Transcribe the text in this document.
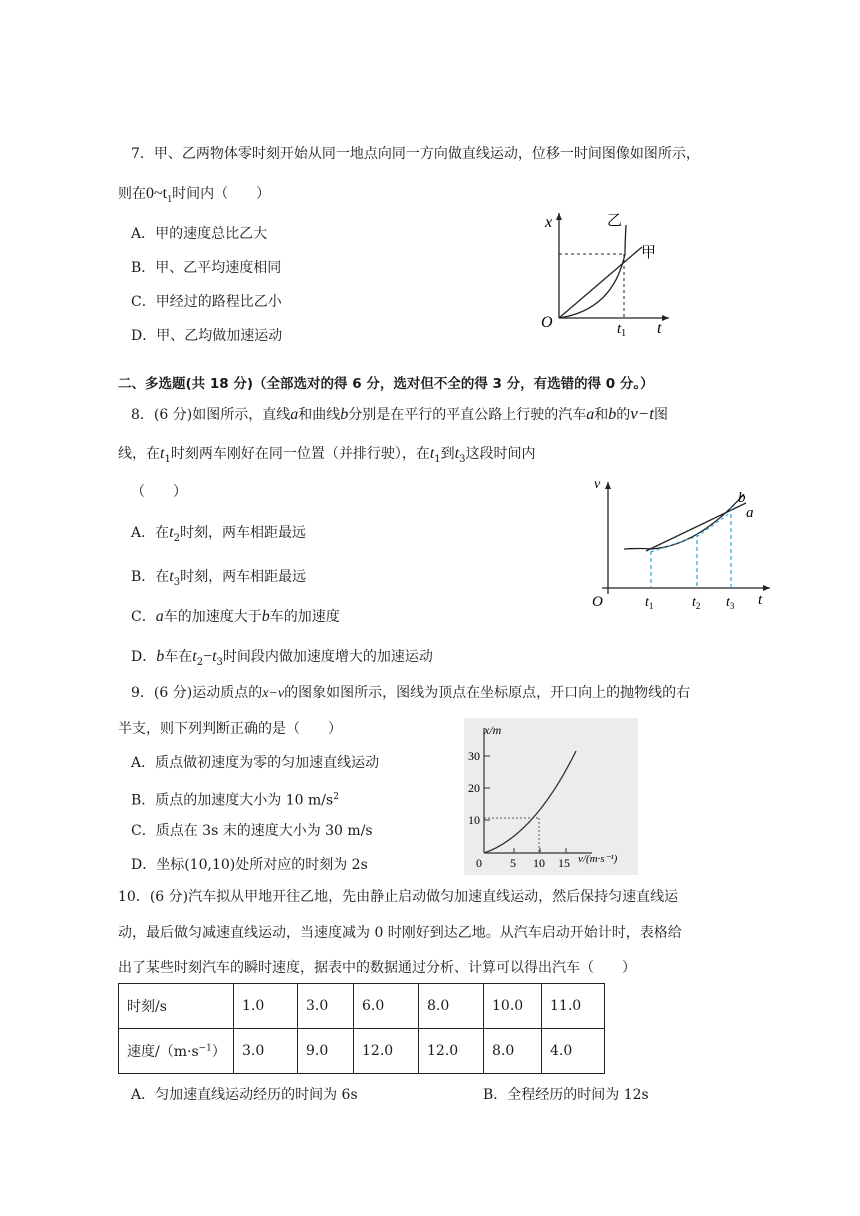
7．甲、乙两物体零时刻开始从同一地点向同一方向做直线运动，位移一时间图像如图所示，
则在$0\sim t_1$时间内（　　）
A．甲的速度总比乙大
B．甲、乙平均速度相同
C．甲经过的路程比乙小
D．甲、乙均做加速运动
x
t
O	$t_1$
乙
甲
二、多选题(共 18 分)（全部选对的得 6 分，选对但不全的得 3 分，有选错的得 0 分。）
8．(6 分)如图所示，直线a和曲线b分别是在平行的平直公路上行驶的汽车a和b的v−t图
线，在$t_1$时刻两车刚好在同一位置（并排行驶），在$t_1$到$t_3$这段时间内
（　　）
A．在$t_2$时刻，两车相距最远
B．在$t_3$时刻，两车相距最远
C．a车的加速度大于b车的加速度
D．b车在$t_2-t_3$时间段内做加速度增大的加速运动
v
t
O
b
a
$t_1$	$t_2$ $t_3$
9．(6 分)运动质点的x−v的图象如图所示，图线为顶点在坐标原点，开口向上的抛物线的右
半支，则下列判断正确的是（　　）
A．质点做初速度为零的匀加速直线运动
B．质点的加速度大小为 10 $m/s^2$
C．质点在 3s 末的速度大小为 30 m/s
D．坐标(10,10)处所对应的时刻为 2s
x/m
30
20
10
0 5 10 15 v/(m·s⁻¹)
10．(6 分)汽车拟从甲地开往乙地，先由静止启动做匀加速直线运动，然后保持匀速直线运
动，最后做匀减速直线运动，当速度减为 0 时刚好到达乙地。从汽车启动开始计时，表格给
出了某些时刻汽车的瞬时速度，据表中的数据通过分析、计算可以得出汽车（　　）
时刻/s	1.0	3.0	6.0	8.0	10.0	11.0
速度$/(m\cdot s^{-1})$	3.0	9.0	12.0	12.0	8.0	4.0
A．匀加速直线运动经历的时间为 6s	B．全程经历的时间为 12s
